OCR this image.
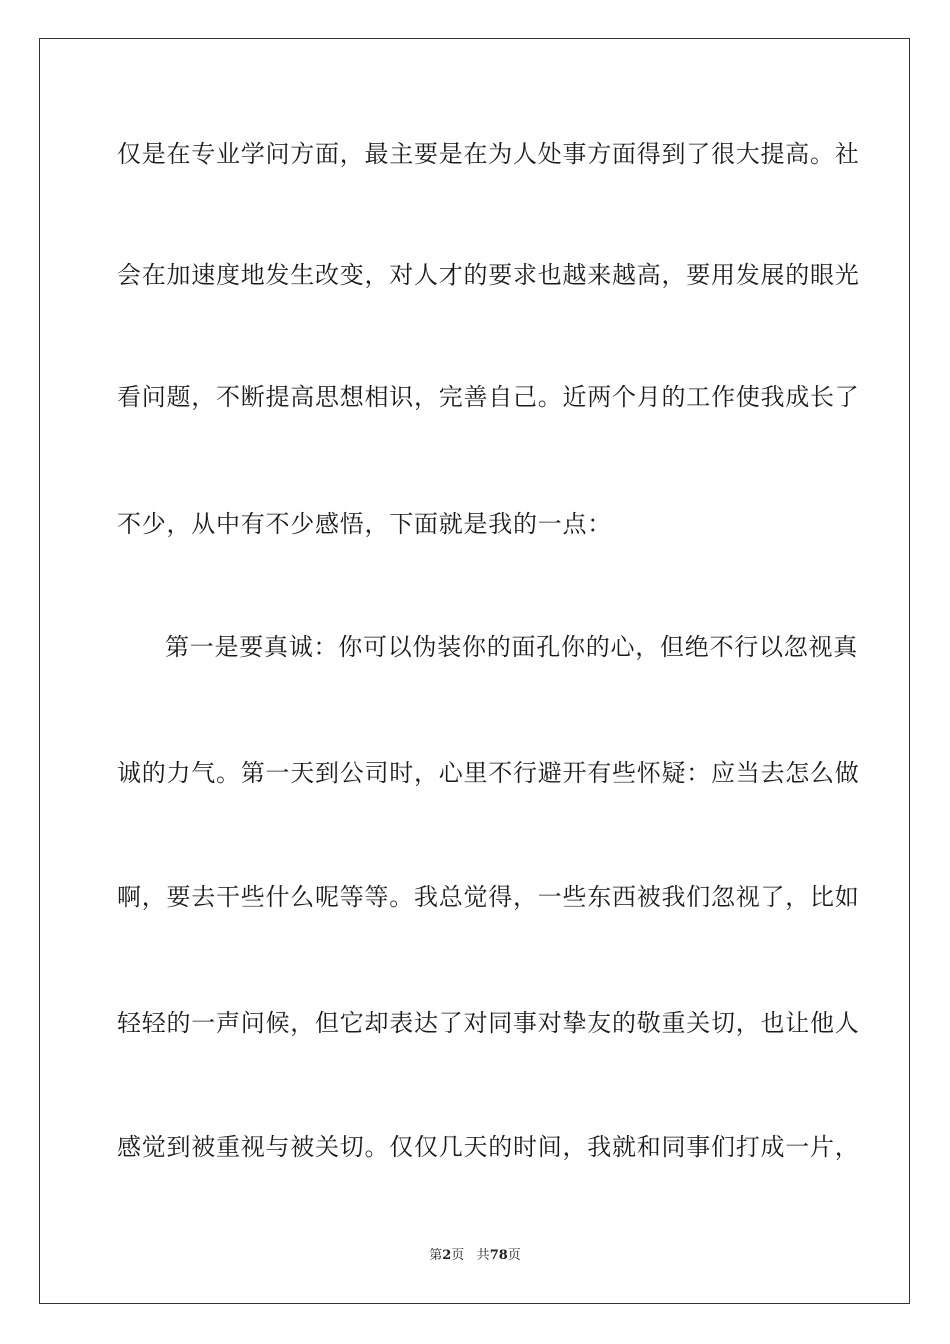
仅是在专业学问方面，最主要是在为人处事方面得到了很大提高。社
会在加速度地发生改变，对人才的要求也越来越高，要用发展的眼光
看问题，不断提高思想相识，完善自己。近两个月的工作使我成长了
不少，从中有不少感悟，下面就是我的一点：
第一是要真诚：你可以伪装你的面孔你的心，但绝不行以忽视真
诚的力气。第一天到公司时，心里不行避开有些怀疑：应当去怎么做
啊，要去干些什么呢等等。我总觉得，一些东西被我们忽视了，比如
轻轻的一声问候，但它却表达了对同事对挚友的敬重关切，也让他人
感觉到被重视与被关切。仅仅几天的时间，我就和同事们打成一片，
第2页 共78页
